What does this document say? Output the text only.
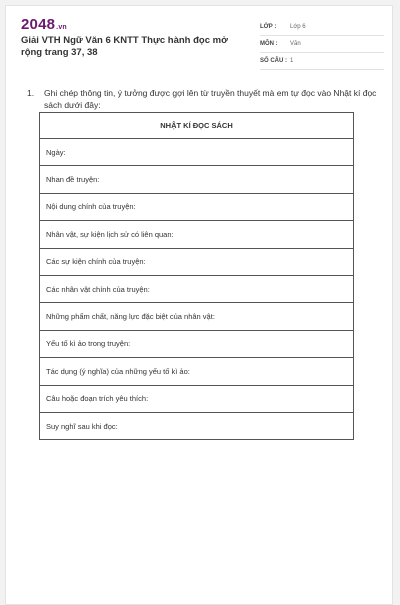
2048.vn
Giải VTH Ngữ Văn 6 KNTT Thực hành đọc mở rộng trang 37, 38
LỚP : Lớp 6
MÔN : Văn
SỐ CÂU : 1
1. Ghi chép thông tin, ý tưởng được gợi lên từ truyền thuyết mà em tự đọc vào Nhật kí đọc sách dưới đây:
NHẬT KÍ ĐỌC SÁCH
Ngày:
Nhan đề truyện:
Nội dung chính của truyện:
Nhân vật, sự kiện lịch sử có liên quan:
Các sự kiện chính của truyện:
Các nhân vật chính của truyện:
Những phẩm chất, năng lực đặc biệt của nhân vật:
Yếu tố kì ảo trong truyện:
Tác dụng (ý nghĩa) của những yếu tố kì ảo:
Câu hoặc đoạn trích yêu thích:
Suy nghĩ sau khi đọc:
